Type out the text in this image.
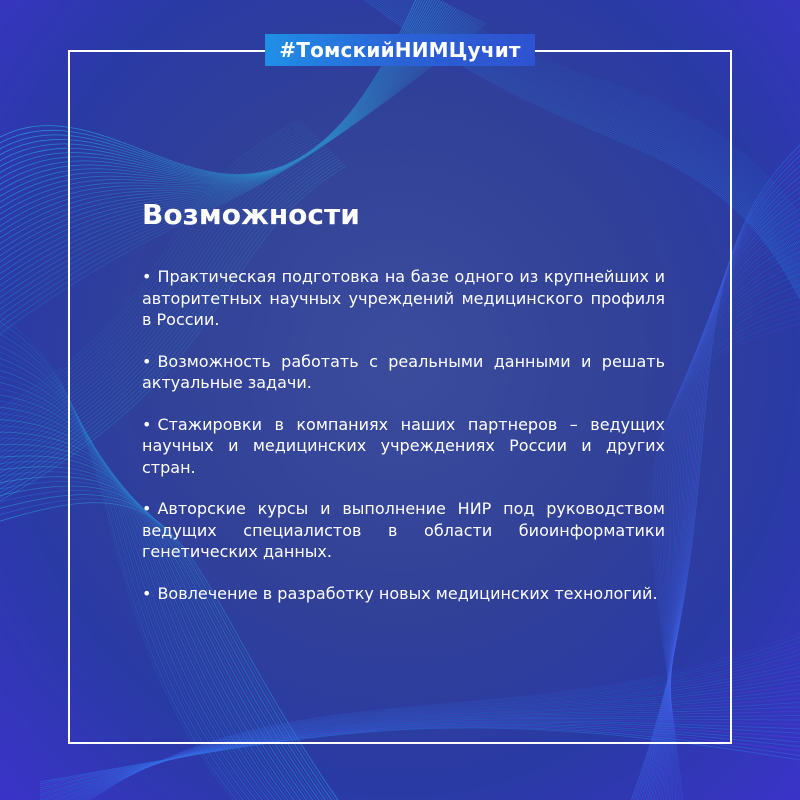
#ТомскийНИМЦучит
Возможности
• Практическая подготовка на базе одного из крупнейших и авторитетных научных учреждений медицинского профиля в России.
• Возможность работать с реальными данными и решать актуальные задачи.
• Стажировки в компаниях наших партнеров – ведущих научных и медицинских учреждениях России и других стран.
• Авторские курсы и выполнение НИР под руководством ведущих специалистов в области биоинформатики генетических данных.
• Вовлечение в разработку новых медицинских технологий.
